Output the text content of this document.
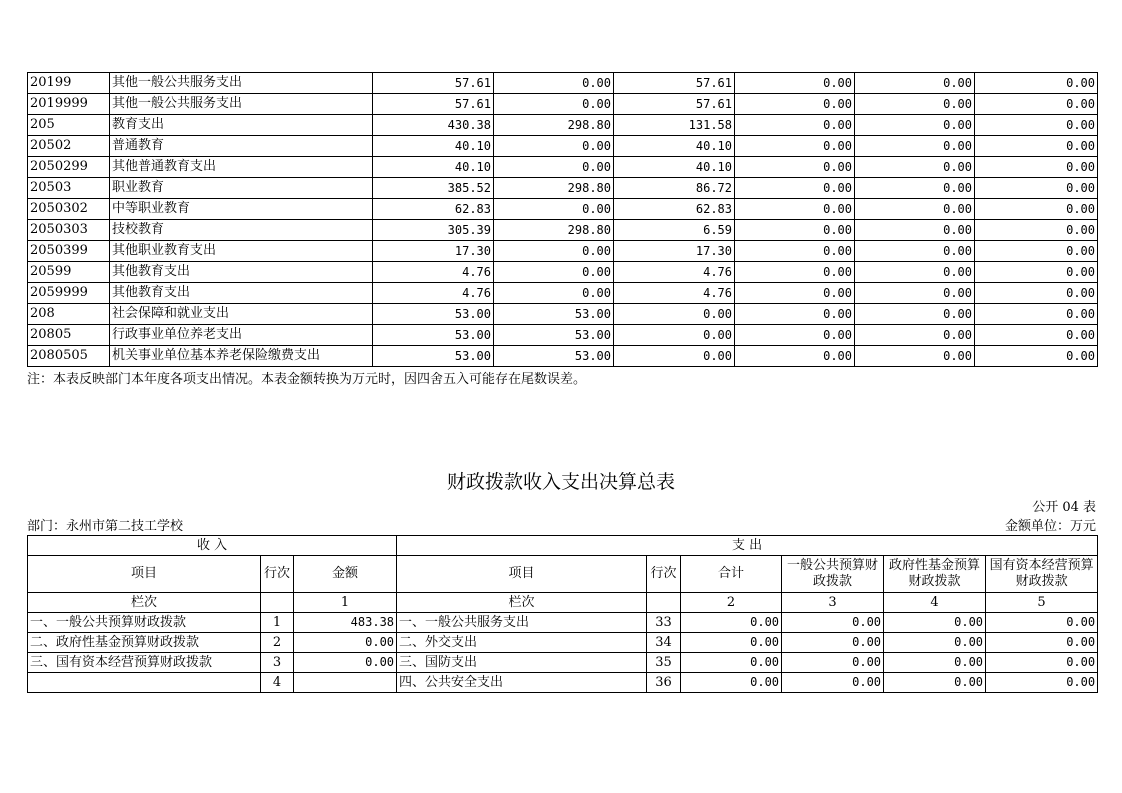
20199	其他一般公共服务支出	57.61	0.00	57.61	0.00	0.00	0.00
2019999	其他一般公共服务支出	57.61	0.00	57.61	0.00	0.00	0.00
205	教育支出	430.38	298.80	131.58	0.00	0.00	0.00
20502	普通教育	40.10	0.00	40.10	0.00	0.00	0.00
2050299	其他普通教育支出	40.10	0.00	40.10	0.00	0.00	0.00
20503	职业教育	385.52	298.80	86.72	0.00	0.00	0.00
2050302	中等职业教育	62.83	0.00	62.83	0.00	0.00	0.00
2050303	技校教育	305.39	298.80	6.59	0.00	0.00	0.00
2050399	其他职业教育支出	17.30	0.00	17.30	0.00	0.00	0.00
20599	其他教育支出	4.76	0.00	4.76	0.00	0.00	0.00
2059999	其他教育支出	4.76	0.00	4.76	0.00	0.00	0.00
208	社会保障和就业支出	53.00	53.00	0.00	0.00	0.00	0.00
20805	行政事业单位养老支出	53.00	53.00	0.00	0.00	0.00	0.00
2080505	机关事业单位基本养老保险缴费支出	53.00	53.00	0.00	0.00	0.00	0.00
注：本表反映部门本年度各项支出情况。本表金额转换为万元时，因四舍五入可能存在尾数误差。
财政拨款收入支出决算总表
公开 04 表
部门：永州市第二技工学校	金额单位：万元
收 入			支 出					
项目	行次	金额	项目	行次	合计	一般公共预算财政拨款	政府性基金预算财政拨款	国有资本经营预算财政拨款
栏次		1	栏次		2	3	4	5
一、一般公共预算财政拨款	1	483.38	一、一般公共服务支出	33	0.00	0.00	0.00	0.00
二、政府性基金预算财政拨款	2	0.00	二、外交支出	34	0.00	0.00	0.00	0.00
三、国有资本经营预算财政拨款	3	0.00	三、国防支出	35	0.00	0.00	0.00	0.00
	4		四、公共安全支出	36	0.00	0.00	0.00	0.00
